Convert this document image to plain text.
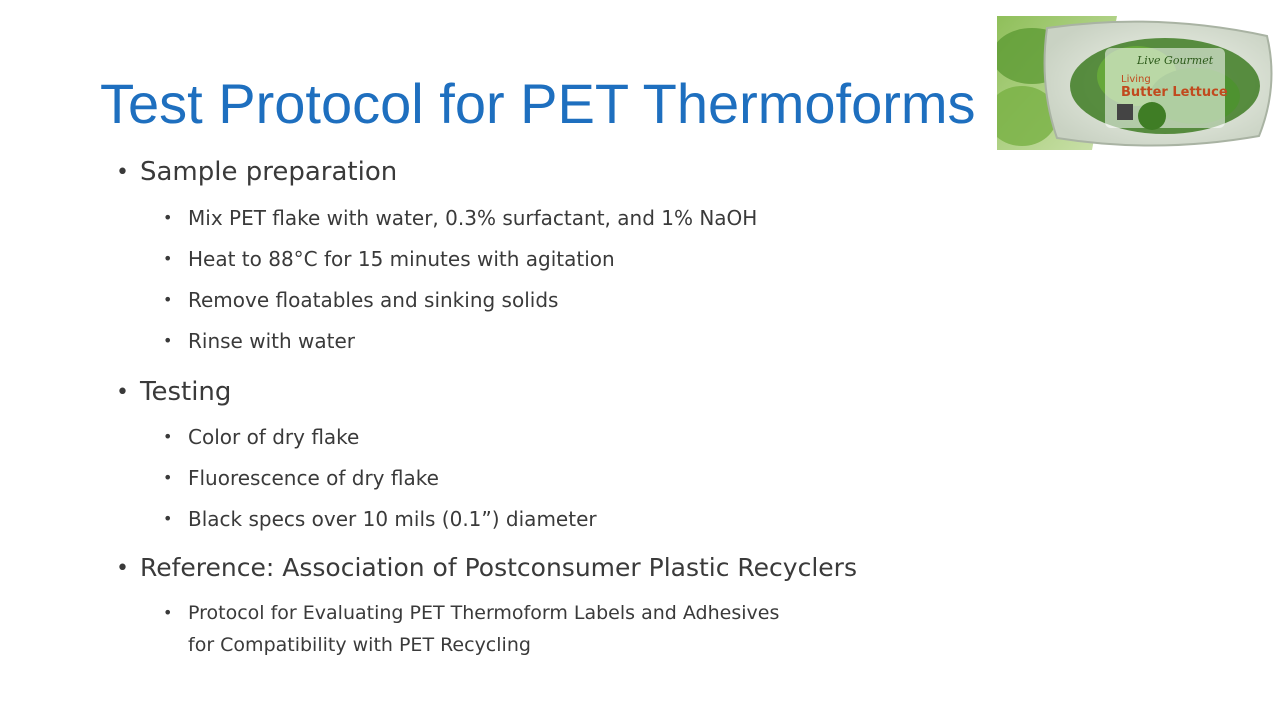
Test Protocol for PET Thermoforms
Live Gourmet
Living
Butter Lettuce
• Sample preparation
• Mix PET flake with water, 0.3% surfactant, and 1% NaOH
• Heat to 88°C for 15 minutes with agitation
• Remove floatables and sinking solids
• Rinse with water
• Testing
• Color of dry flake
• Fluorescence of dry flake
• Black specs over 10 mils (0.1”) diameter
• Reference: Association of Postconsumer Plastic Recyclers
• Protocol for Evaluating PET Thermoform Labels and Adhesives
for Compatibility with PET Recycling
